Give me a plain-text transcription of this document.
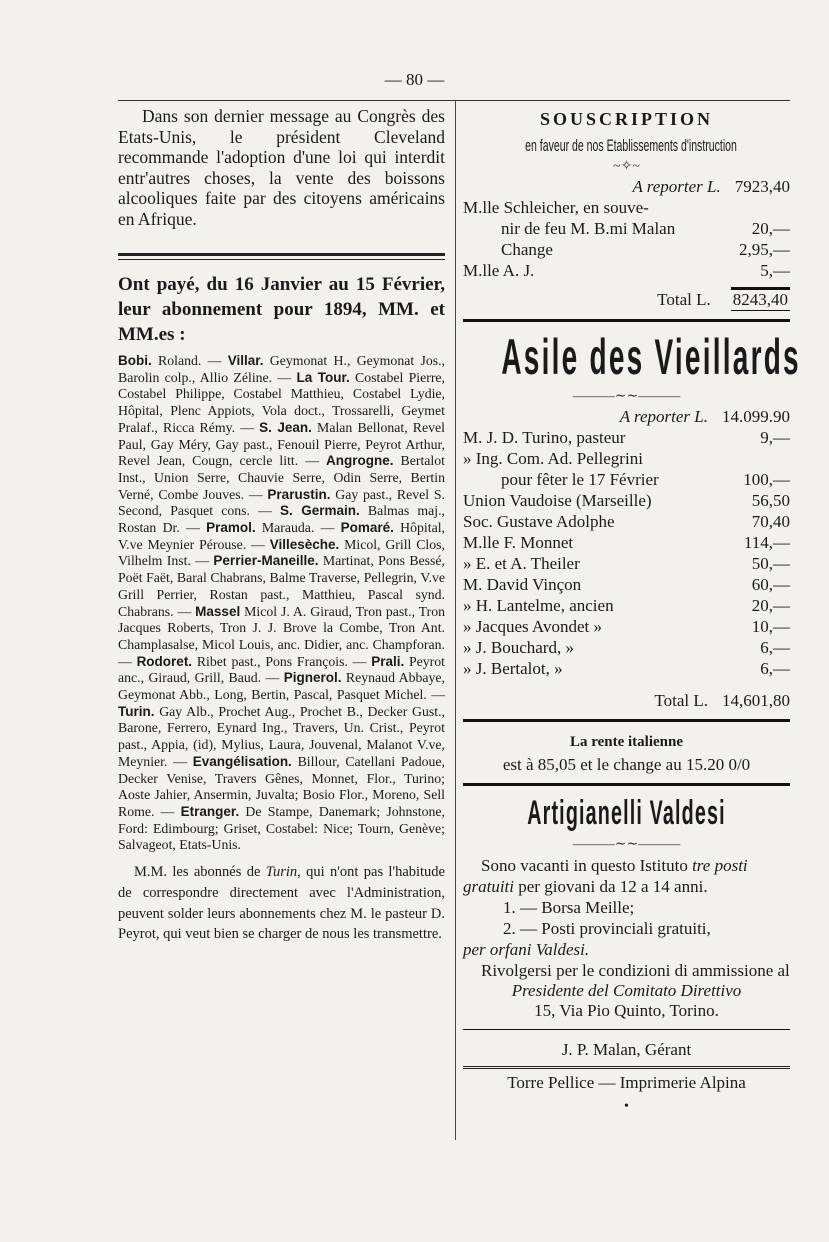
— 80 —

Dans son dernier message au Congrès des Etats-Unis, le président Cleveland recommande l'adoption d'une loi qui interdit entr'autres choses, la vente des boissons alcooliques faite par des citoyens américains en Afrique.

Ont payé, du 16 Janvier au 15 Février, leur abonnement pour 1894, MM. et MM.es :

Bobi. Roland. — Villar. Geymonat H., Geymonat Jos., Barolin colp., Allio Zéline. — La Tour. Costabel Pierre, Costabel Philippe, Costabel Matthieu, Costabel Lydie, Hôpital, Plenc Appiots, Vola doct., Trossarelli, Geymet Pralaf., Ricca Rémy. — S. Jean. Malan Bellonat, Revel Paul, Gay Méry, Gay past., Fenouil Pierre, Peyrot Arthur, Revel Jean, Cougn, cercle litt. — Angrogne. Bertalot Inst., Union Serre, Chauvie Serre, Odin Serre, Bertin Verné, Combe Jouves. — Prarustin. Gay past., Revel S. Second, Pasquet cons. — S. Germain. Balmas maj., Rostan Dr. — Pramol. Marauda. — Pomaré. Hôpital, V.ve Meynier Pérouse. — Villesèche. Micol, Grill Clos, Vilhelm Inst. — Perrier-Maneille. Martinat, Pons Bessé, Poët Faët, Baral Chabrans, Balme Traverse, Pellegrin, V.ve Grill Perrier, Rostan past., Matthieu, Pascal synd. Chabrans. — Massel Micol J. A. Giraud, Tron past., Tron Jacques Roberts, Tron J. J. Brove la Combe, Tron Ant. Champlasalse, Micol Louis, anc. Didier, anc. Champforan. — Rodoret. Ribet past., Pons François. — Prali. Peyrot anc., Giraud, Grill, Baud. — Pignerol. Reynaud Abbaye, Geymonat Abb., Long, Bertin, Pascal, Pasquet Michel. — Turin. Gay Alb., Prochet Aug., Prochet B., Decker Gust., Barone, Ferrero, Eynard Ing., Travers, Un. Crist., Peyrot past., Appia, (id), Mylius, Laura, Jouvenal, Malanot V.ve, Meynier. — Evangélisation. Billour, Catellani Padoue, Decker Venise, Travers Gênes, Monnet, Flor., Turino; Aoste Jahier, Ansermin, Juvalta; Bosio Flor., Moreno, Sell Rome. — Etranger. De Stampe, Danemark; Johnstone, Ford: Edimbourg; Griset, Costabel: Nice; Tourn, Genève; Salvageot, Etats-Unis.

M.M. les abonnés de Turin, qui n'ont pas l'habitude de correspondre directement avec l'Administration, peuvent solder leurs abonnements chez M. le pasteur D. Peyrot, qui veut bien se charger de nous les transmettre.

SOUSCRIPTION
en faveur de nos Etablissements d'instruction
~✧~
A reporter L. 7923,40
M.lle Schleicher, en souve-
nir de feu M. B.mi Malan	20,—
Change	2,95,—
M.lle A. J.	5,—
Total L. 8243,40
Asile des Vieillards
———∼∼———
A reporter L. 14.099.90
M. J. D. Turino, pasteur	9,—
» Ing. Com. Ad. Pellegrini
pour fêter le 17 Février	100,—
Union Vaudoise (Marseille)	56,50
Soc. Gustave Adolphe	70,40
M.lle F. Monnet	114,—
» E. et A. Theiler	50,—
M. David Vinçon	60,—
» H. Lantelme, ancien	20,—
» Jacques Avondet »	10,—
» J. Bouchard, »	6,—
» J. Bertalot, »	6,—
Total L. 14,601,80
La rente italienne

est à 85,05 et le change au 15.20 0/0

Artigianelli Valdesi
———∼∼———

Sono vacanti in questo Istituto tre posti gratuiti per giovani da 12 a 14 anni.

1. — Borsa Meille;

2. — Posti provinciali gratuiti,

per orfani Valdesi.

Rivolgersi per le condizioni di ammissione al

Presidente del Comitato Direttivo

15, Via Pio Quinto, Torino.

J. P. Malan, Gérant
Torre Pellice — Imprimerie Alpina
•
